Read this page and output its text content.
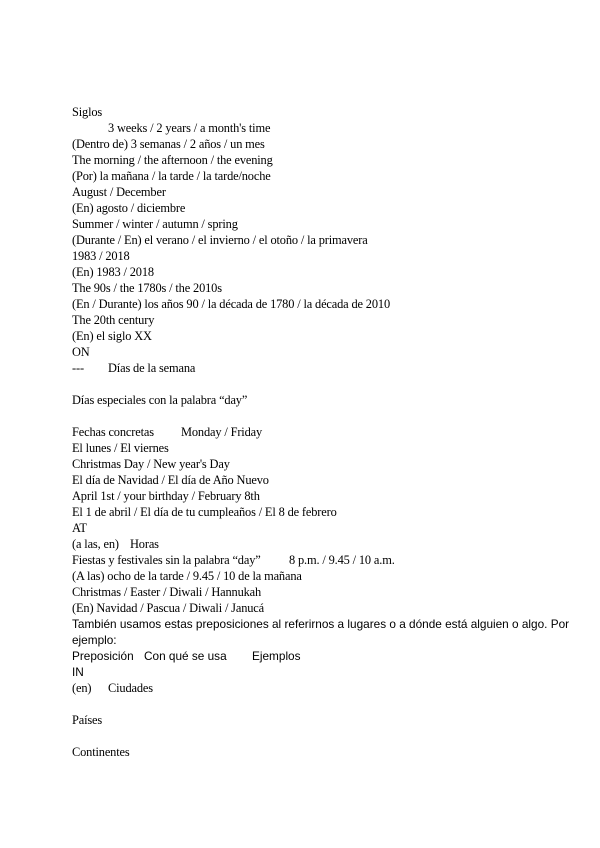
Siglos
3 weeks / 2 years / a month's time
(Dentro de) 3 semanas / 2 años / un mes
The morning / the afternoon / the evening
(Por) la mañana / la tarde / la tarde/noche
August / December
(En) agosto / diciembre
Summer / winter / autumn / spring
(Durante / En) el verano / el invierno / el otoño / la primavera
1983 / 2018
(En) 1983 / 2018
The 90s / the 1780s / the 2010s
(En / Durante) los años 90 / la década de 1780 / la década de 2010
The 20th century
(En) el siglo XX
ON
--- Días de la semana
Días especiales con la palabra “day”
Fechas concretas Monday / Friday
El lunes / El viernes
Christmas Day / New year's Day
El día de Navidad / El día de Año Nuevo
April 1st / your birthday / February 8th
El 1 de abril / El día de tu cumpleaños / El 8 de febrero
AT
(a las, en) Horas
Fiestas y festivales sin la palabra “day” 8 p.m. / 9.45 / 10 a.m.
(A las) ocho de la tarde / 9.45 / 10 de la mañana
Christmas / Easter / Diwali / Hannukah
(En) Navidad / Pascua / Diwali / Janucá
También usamos estas preposiciones al referirnos a lugares o a dónde está alguien o algo. Por
ejemplo:
Preposición Con qué se usa Ejemplos
IN
(en) Ciudades
Países
Continentes
